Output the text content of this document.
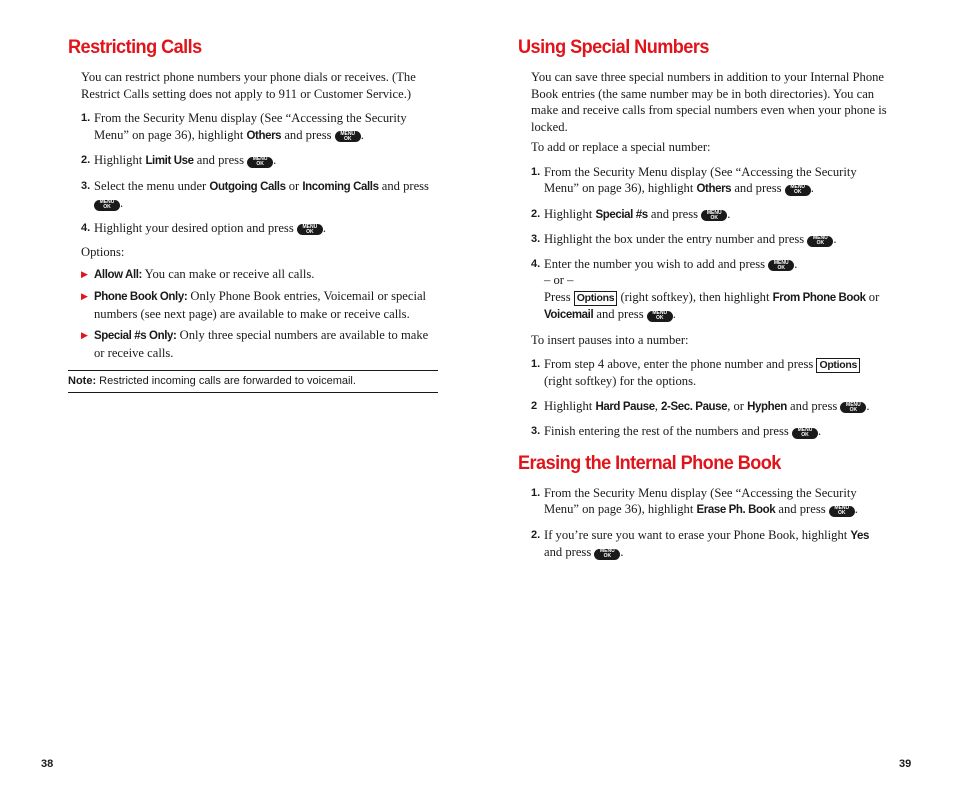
Restricting Calls

You can restrict phone numbers your phone dials or receives. (The Restrict Calls setting does not apply to 911 or Customer Service.)

1. From the Security Menu display (See “Accessing the Security Menu” on page 36), highlight Others and press	MENU
OK .
2. Highlight Limit Use and press	MENU
OK .
3. Select the menu under Outgoing Calls or Incoming Calls and press
MENU
OK .
4. Highlight your desired option and press	MENU
OK .

Options:

▶ Allow All: You can make or receive all calls.
▶ Phone Book Only: Only Phone Book entries, Voicemail or special numbers (see next page) are available to make or receive calls.
▶ Special #s Only: Only three special numbers are available to make or receive calls.
Note: Restricted incoming calls are forwarded to voicemail.
Using Special Numbers

You can save three special numbers in addition to your Internal Phone Book entries (the same number may be in both directories). You can make and receive calls from special numbers even when your phone is locked.

To add or replace a special number:

1. From the Security Menu display (See “Accessing the Security Menu” on page 36), highlight Others and press	MENU
OK .
2. Highlight Special #s and press	MENU
OK .
3. Highlight the box under the entry number and press	MENU
OK .
4. Enter the number you wish to add and press	MENU
OK .
– or –
Press Options (right softkey), then highlight From Phone Book or Voicemail and press	MENU
OK .

To insert pauses into a number:

1. From step 4 above, enter the phone number and press Options (right softkey) for the options.
2 Highlight Hard Pause, 2-Sec. Pause, or Hyphen and press	MENU
OK .
3. Finish entering the rest of the numbers and press	MENU
OK .
Erasing the Internal Phone Book
1. From the Security Menu display (See “Accessing the Security Menu” on page 36), highlight Erase Ph. Book and press	MENU
OK .
2. If you’re sure you want to erase your Phone Book, highlight Yes and press	MENU
OK .
38	39
